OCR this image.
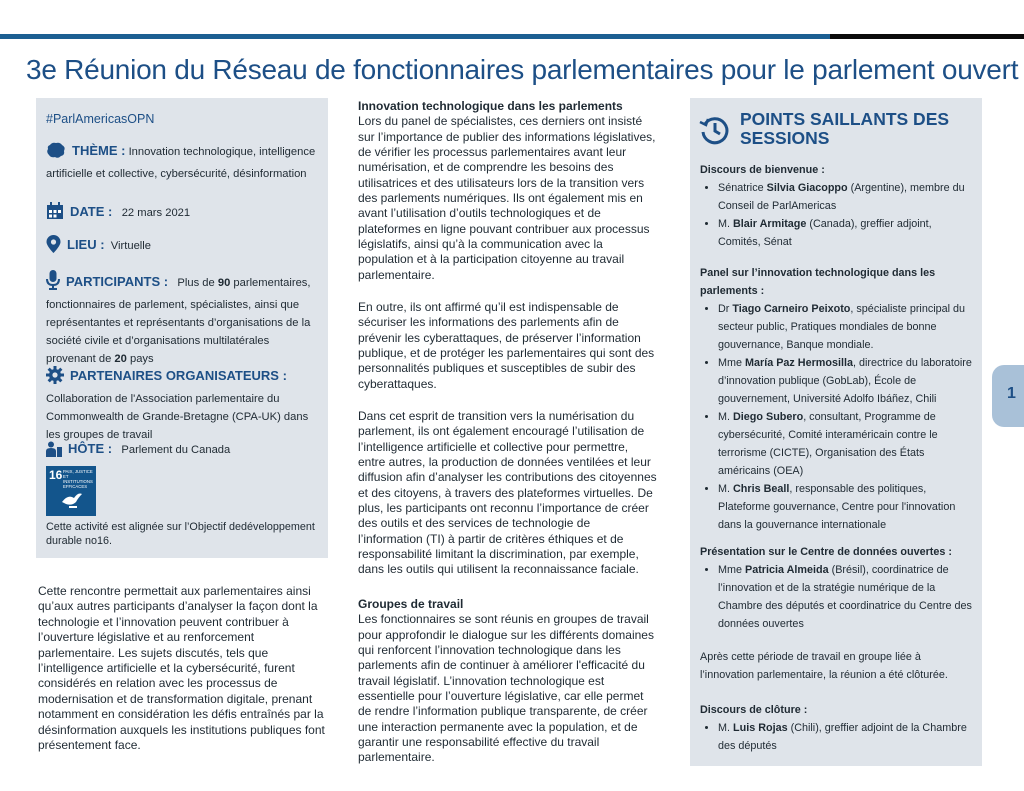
3e Réunion du Réseau de fonctionnaires parlementaires pour le parlement ouvert
#ParlAmericasOPN
THÈME : Innovation technologique, intelligence artificielle et collective, cybersécurité, désinformation
DATE : 22 mars 2021
LIEU : Virtuelle
PARTICIPANTS : Plus de 90 parlementaires, fonctionnaires de parlement, spécialistes, ainsi que représentantes et représentants d’organisations de la société civile et d’organisations multilatérales provenant de 20 pays
PARTENAIRES ORGANISATEURS :
Collaboration de l'Association parlementaire du Commonwealth de Grande-Bretagne (CPA-UK) dans les groupes de travail
HÔTE : Parlement du Canada
16 PAIX, JUSTICE ET INSTITUTIONS EFFICACES
Cette activité est alignée sur l’Objectif dedéveloppement durable no16.
Cette rencontre permettait aux parlementaires ainsi qu’aux autres participants d’analyser la façon dont la technologie et l’innovation peuvent contribuer à l’ouverture législative et au renforcement parlementaire. Les sujets discutés, tels que l’intelligence artificielle et la cybersécurité, furent considérés en relation avec les processus de modernisation et de transformation digitale, prenant notamment en considération les défis entraînés par la désinformation auxquels les institutions publiques font présentement face.
Innovation technologique dans les parlements

Lors du panel de spécialistes, ces derniers ont insisté sur l’importance de publier des informations législatives, de vérifier les processus parlementaires avant leur numérisation, et de comprendre les besoins des utilisatrices et des utilisateurs lors de la transition vers des parlements numériques. Ils ont également mis en avant l’utilisation d’outils technologiques et de plateformes en ligne pouvant contribuer aux processus législatifs, ainsi qu’à la communication avec la population et à la participation citoyenne au travail parlementaire.

En outre, ils ont affirmé qu’il est indispensable de sécuriser les informations des parlements afin de prévenir les cyberattaques, de préserver l’information publique, et de protéger les parlementaires qui sont des personnalités publiques et susceptibles de subir des cyberattaques.
Dans cet esprit de transition vers la numérisation du parlement, ils ont également encouragé l’utilisation de l’intelligence artificielle et collective pour permettre, entre autres, la production de données ventilées et leur diffusion afin d’analyser les contributions des citoyennes et des citoyens, à travers des plateformes virtuelles. De plus, les participants ont reconnu l’importance de créer des outils et des services de technologie de l’information (TI) à partir de critères éthiques et de responsabilité limitant la discrimination, par exemple, dans les outils qui utilisent la reconnaissance faciale.
Groupes de travail

Les fonctionnaires se sont réunis en groupes de travail pour approfondir le dialogue sur les différents domaines qui renforcent l’innovation technologique dans les parlements afin de continuer à améliorer l'efficacité du travail législatif. L’innovation technologique est essentielle pour l’ouverture législative, car elle permet de rendre l’information publique transparente, de créer une interaction permanente avec la population, et de garantir une responsabilité effective du travail parlementaire.

POINTS SAILLANTS DES SESSIONS
Discours de bienvenue :
• Sénatrice Silvia Giacoppo (Argentine), membre du Conseil de ParlAmericas
• M. Blair Armitage (Canada), greffier adjoint, Comités, Sénat
Panel sur l’innovation technologique dans les parlements :
• Dr Tiago Carneiro Peixoto, spécialiste principal du secteur public, Pratiques mondiales de bonne gouvernance, Banque mondiale.
• Mme María Paz Hermosilla, directrice du laboratoire d’innovation publique (GobLab), École de gouvernement, Université Adolfo Ibáñez, Chili
• M. Diego Subero, consultant, Programme de cybersécurité, Comité interaméricain contre le terrorisme (CICTE), Organisation des États américains (OEA)
• M. Chris Beall, responsable des politiques, Plateforme gouvernance, Centre pour l'innovation dans la gouvernance internationale
Présentation sur le Centre de données ouvertes :
• Mme Patricia Almeida (Brésil), coordinatrice de l’innovation et de la stratégie numérique de la Chambre des députés et coordinatrice du Centre des données ouvertes
Après cette période de travail en groupe liée à l’innovation parlementaire, la réunion a été clôturée.
Discours de clôture :
• M. Luis Rojas (Chili), greffier adjoint de la Chambre des députés
1
